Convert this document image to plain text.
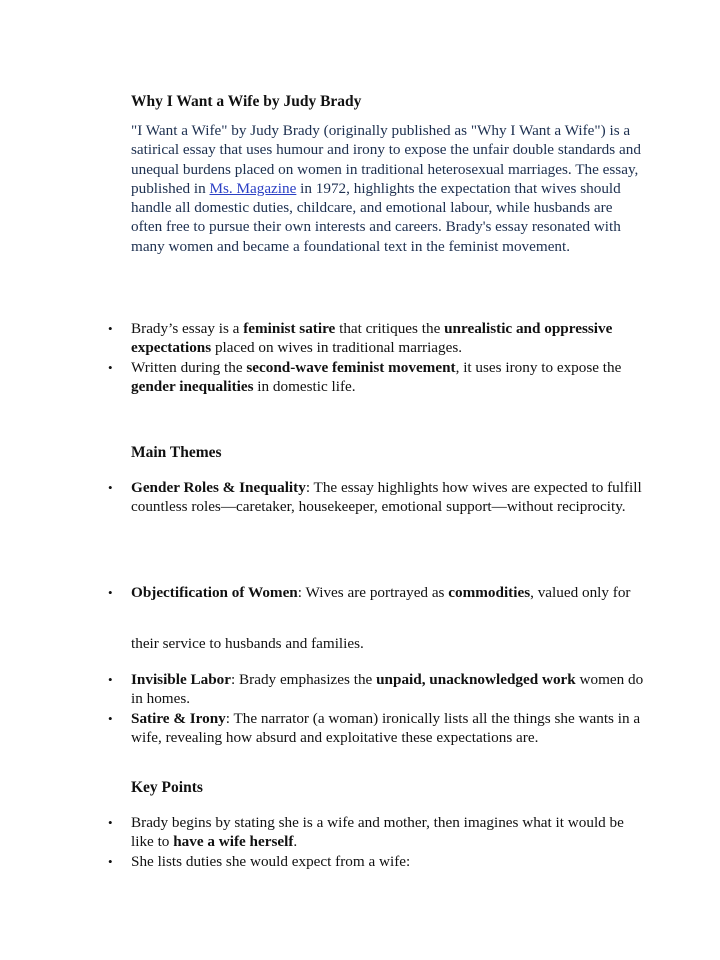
Why I Want a Wife by Judy Brady

"I Want a Wife" by Judy Brady (originally published as "Why I Want a Wife") is a satirical essay that uses humour and irony to expose the unfair double standards and unequal burdens placed on women in traditional heterosexual marriages. The essay, published in Ms. Magazine in 1972, highlights the expectation that wives should handle all domestic duties, childcare, and emotional labour, while husbands are often free to pursue their own interests and careers. Brady's essay resonated with many women and became a foundational text in the feminist movement.

•	Brady’s essay is a feminist satire that critiques the unrealistic and oppressive expectations placed on wives in traditional marriages.
•	Written during the second-wave feminist movement, it uses irony to expose the gender inequalities in domestic life.
Main Themes
•	Gender Roles & Inequality: The essay highlights how wives are expected to fulfill countless roles—caretaker, housekeeper, emotional support—without reciprocity.
•	Objectification of Women: Wives are portrayed as commodities, valued only for

their service to husbands and families.

•	Invisible Labor: Brady emphasizes the unpaid, unacknowledged work women do in homes.
•	Satire & Irony: The narrator (a woman) ironically lists all the things she wants in a wife, revealing how absurd and exploitative these expectations are.
Key Points
•	Brady begins by stating she is a wife and mother, then imagines what it would be like to have a wife herself.
•	She lists duties she would expect from a wife:
